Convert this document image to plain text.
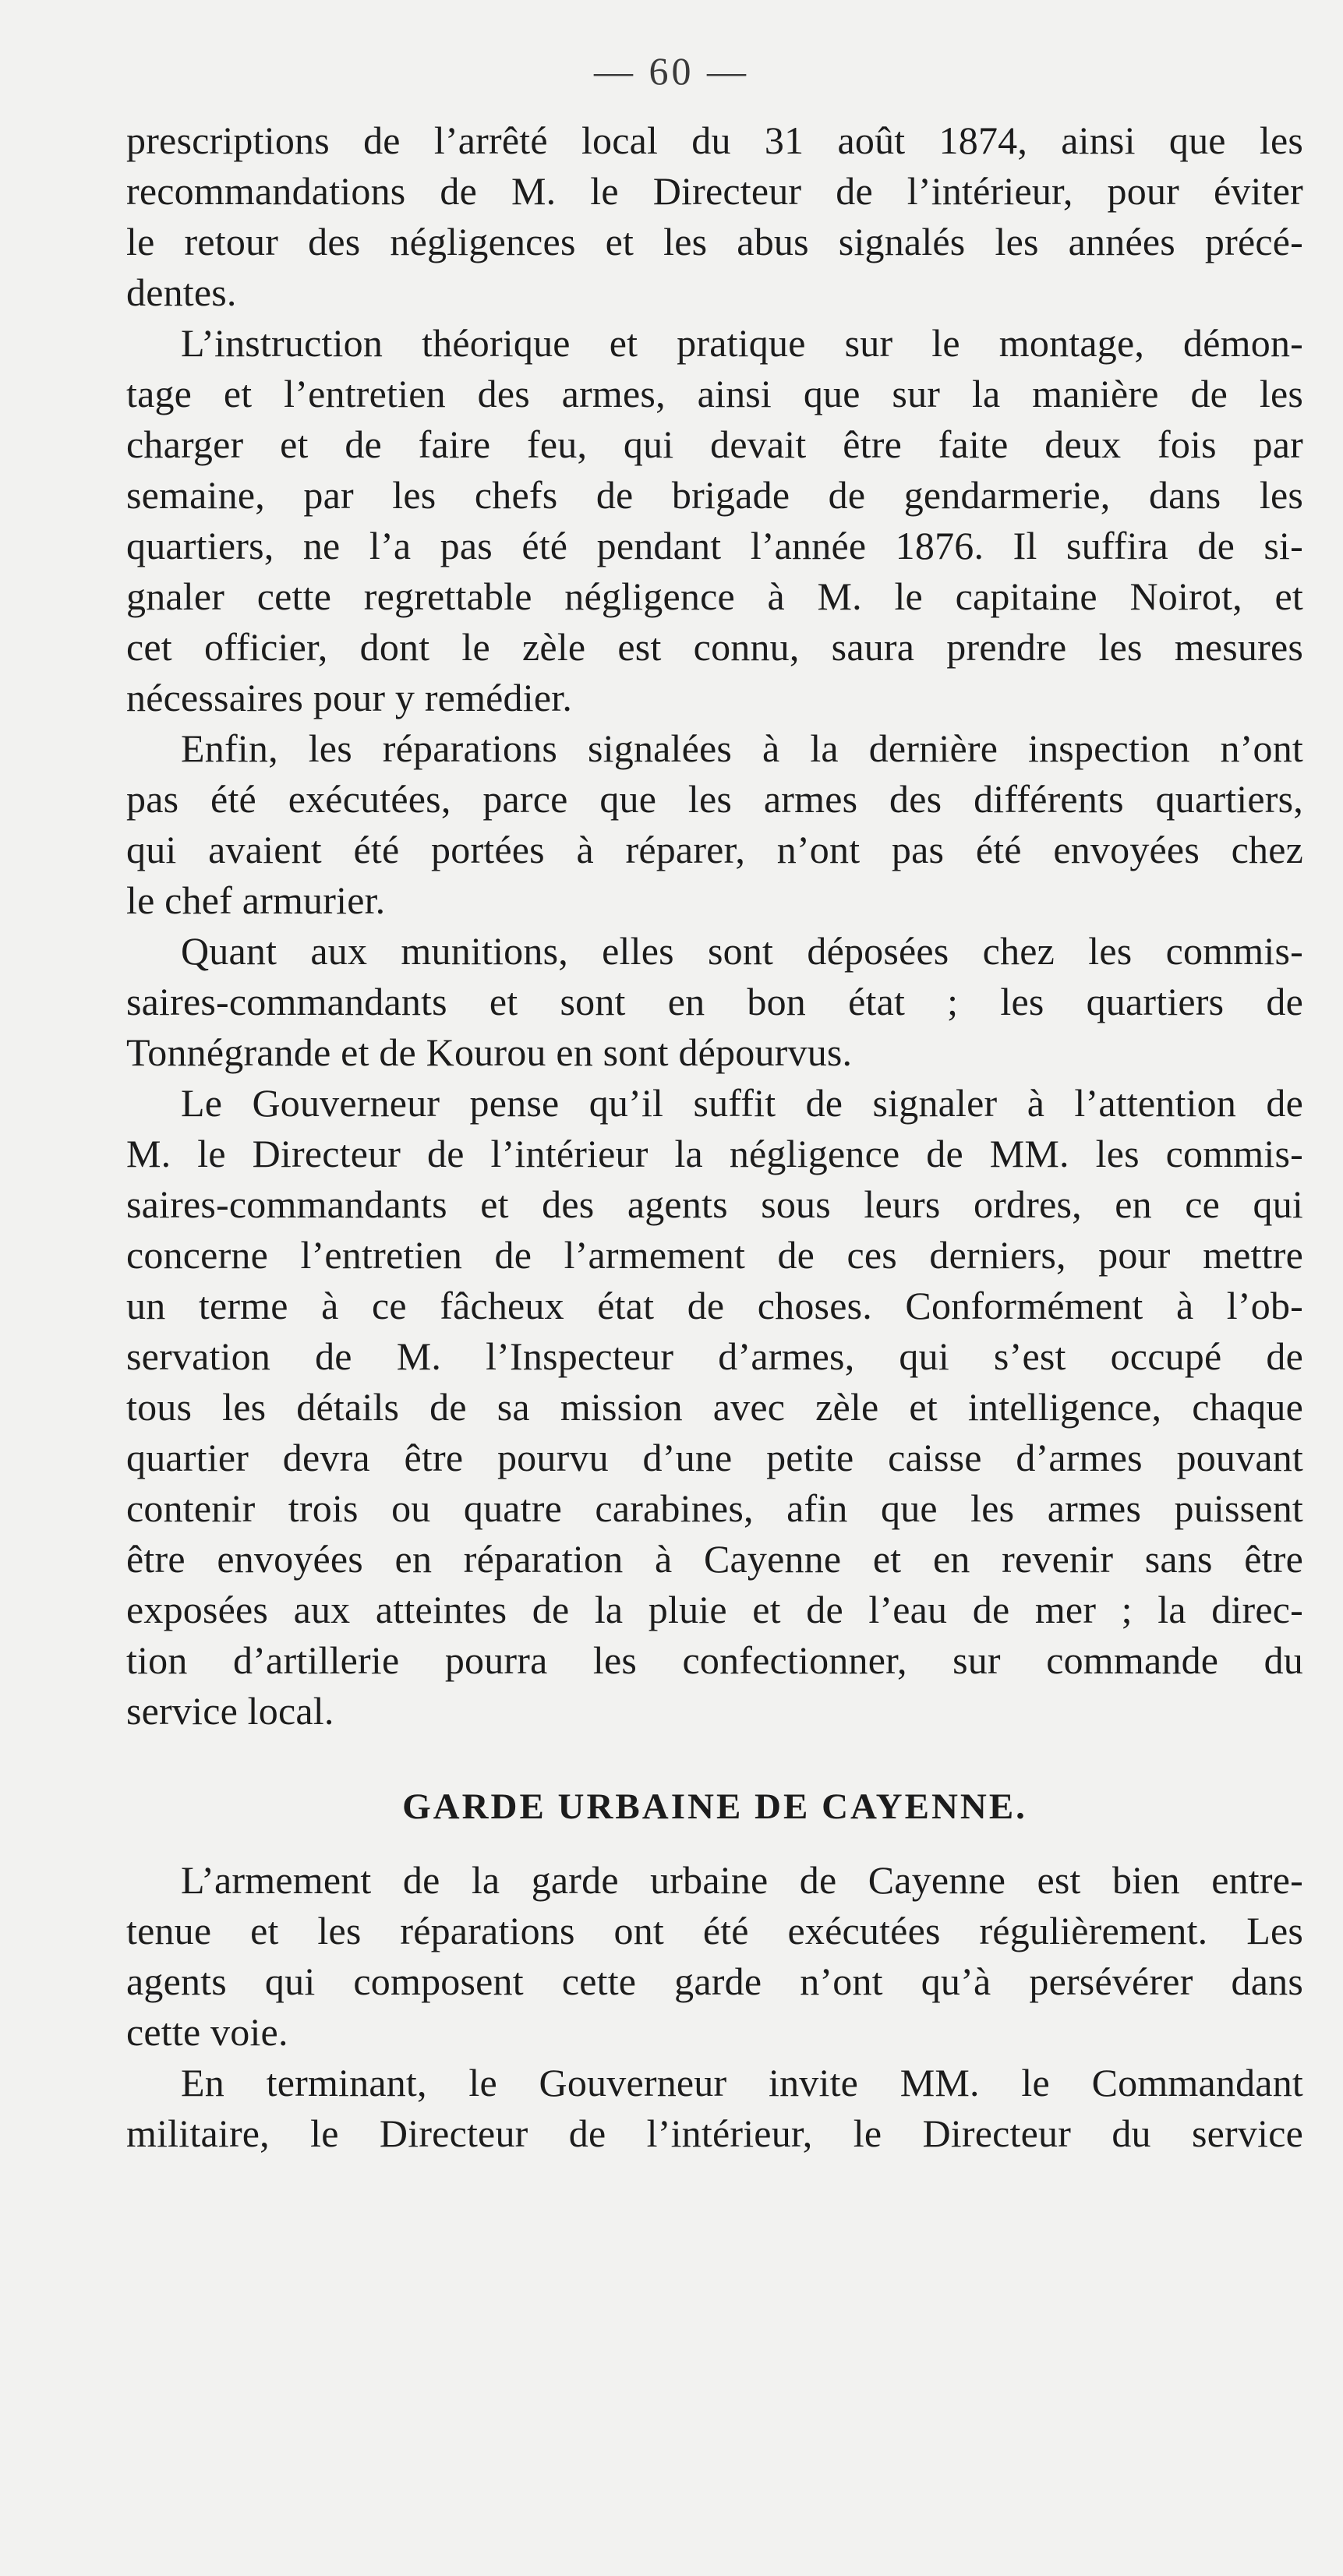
— 60 —

prescriptions de l’arrêté local du 31 août 1874, ainsi que les
recommandations de M. le Directeur de l’intérieur, pour éviter
le retour des négligences et les abus signalés les années précé-
dentes.

L’instruction théorique et pratique sur le montage, démon-
tage et l’entretien des armes, ainsi que sur la manière de les
charger et de faire feu, qui devait être faite deux fois par
semaine, par les chefs de brigade de gendarmerie, dans les
quartiers, ne l’a pas été pendant l’année 1876. Il suffira de si-
gnaler cette regrettable négligence à M. le capitaine Noirot, et
cet officier, dont le zèle est connu, saura prendre les mesures
nécessaires pour y remédier.

Enfin, les réparations signalées à la dernière inspection n’ont
pas été exécutées, parce que les armes des différents quartiers,
qui avaient été portées à réparer, n’ont pas été envoyées chez
le chef armurier.

Quant aux munitions, elles sont déposées chez les commis-
saires-commandants et sont en bon état ; les quartiers de
Tonnégrande et de Kourou en sont dépourvus.

Le Gouverneur pense qu’il suffit de signaler à l’attention de
M. le Directeur de l’intérieur la négligence de MM. les commis-
saires-commandants et des agents sous leurs ordres, en ce qui
concerne l’entretien de l’armement de ces derniers, pour mettre
un terme à ce fâcheux état de choses. Conformément à l’ob-
servation de M. l’Inspecteur d’armes, qui s’est occupé de
tous les détails de sa mission avec zèle et intelligence, chaque
quartier devra être pourvu d’une petite caisse d’armes pouvant
contenir trois ou quatre carabines, afin que les armes puissent
être envoyées en réparation à Cayenne et en revenir sans être
exposées aux atteintes de la pluie et de l’eau de mer ; la direc-
tion d’artillerie pourra les confectionner, sur commande du
service local.

GARDE URBAINE DE CAYENNE.

L’armement de la garde urbaine de Cayenne est bien entre-
tenue et les réparations ont été exécutées régulièrement. Les
agents qui composent cette garde n’ont qu’à persévérer dans
cette voie.

En terminant, le Gouverneur invite MM. le Commandant
militaire, le Directeur de l’intérieur, le Directeur du service
